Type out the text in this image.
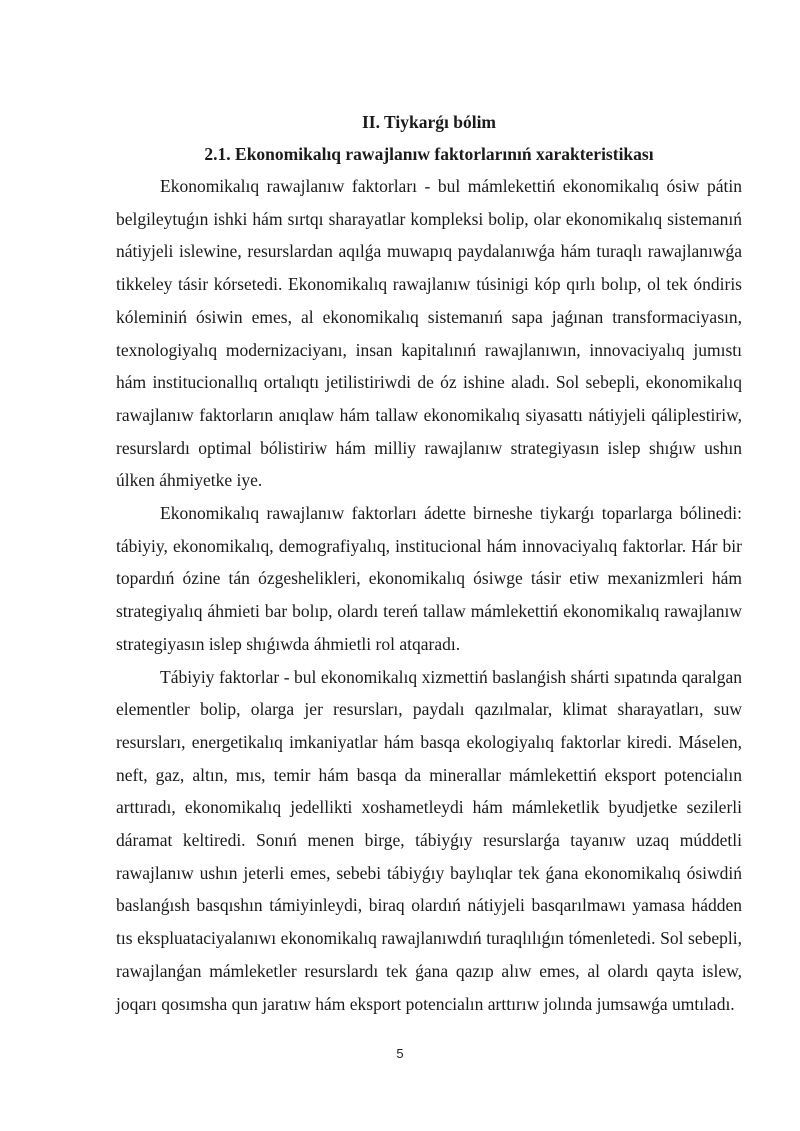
II. Tiykarǵı bólim
2.1. Ekonomikalıq rawajlanıw faktorlarınıń xarakteristikası

Ekonomikalıq rawajlanıw faktorları - bul mámlekettiń ekonomikalıq ósiw pátin belgileytuǵın ishki hám sırtqı sharayatlar kompleksi bolip, olar ekonomikalıq sistemanıń nátiyjeli islewine, resurslardan aqılǵa muwapıq paydalanıwǵa hám turaqlı rawajlanıwǵa tikkeley tásir kórsetedi. Ekonomikalıq rawajlanıw túsinigi kóp qırlı bolıp, ol tek óndiris kóleminiń ósiwin emes, al ekonomikalıq sistemanıń sapa jaǵınan transformaciyasın, texnologiyalıq modernizaciyanı, insan kapitalınıń rawajlanıwın, innovaciyalıq jumıstı hám institucionallıq ortalıqtı jetilistiriwdi de óz ishine aladı. Sol sebepli, ekonomikalıq rawajlanıw faktorların anıqlaw hám tallaw ekonomikalıq siyasattı nátiyjeli qáliplestiriw, resurslardı optimal bólistiriw hám milliy rawajlanıw strategiyasın islep shıǵıw ushın úlken áhmiyetke iye.

Ekonomikalıq rawajlanıw faktorları ádette birneshe tiykarǵı toparlarga bólinedi: tábiyiy, ekonomikalıq, demografiyalıq, institucional hám innovaciyalıq faktorlar. Hár bir topardıń ózine tán ózgeshelikleri, ekonomikalıq ósiwge tásir etiw mexanizmleri hám strategiyalıq áhmieti bar bolıp, olardı tereń tallaw mámlekettiń ekonomikalıq rawajlanıw strategiyasın islep shıǵıwda áhmietli rol atqaradı.

Tábiyiy faktorlar - bul ekonomikalıq xizmettiń baslanǵish shárti sıpatında qaralgan elementler bolip, olarga jer resursları, paydalı qazılmalar, klimat sharayatları, suw resursları, energetikalıq imkaniyatlar hám basqa ekologiyalıq faktorlar kiredi. Máselen, neft, gaz, altın, mıs, temir hám basqa da minerallar mámlekettiń eksport potencialın arttıradı, ekonomikalıq jedellikti xoshametleydi hám mámleketlik byudjetke sezilerli dáramat keltiredi. Sonıń menen birge, tábiyǵıy resurslarǵa tayanıw uzaq múddetli rawajlanıw ushın jeterli emes, sebebi tábiyǵıy baylıqlar tek ǵana ekonomikalıq ósiwdiń baslanǵısh basqıshın támiyinleydi, biraq olardıń nátiyjeli basqarılmawı yamasa hádden tıs ekspluataciyalanıwı ekonomikalıq rawajlanıwdıń turaqlılıǵın tómenletedi. Sol sebepli, rawajlanǵan mámleketler resurslardı tek ǵana qazıp alıw emes, al olardı qayta islew, joqarı qosımsha qun jaratıw hám eksport potencialın arttırıw jolında jumsawǵa umtıladı.

5
